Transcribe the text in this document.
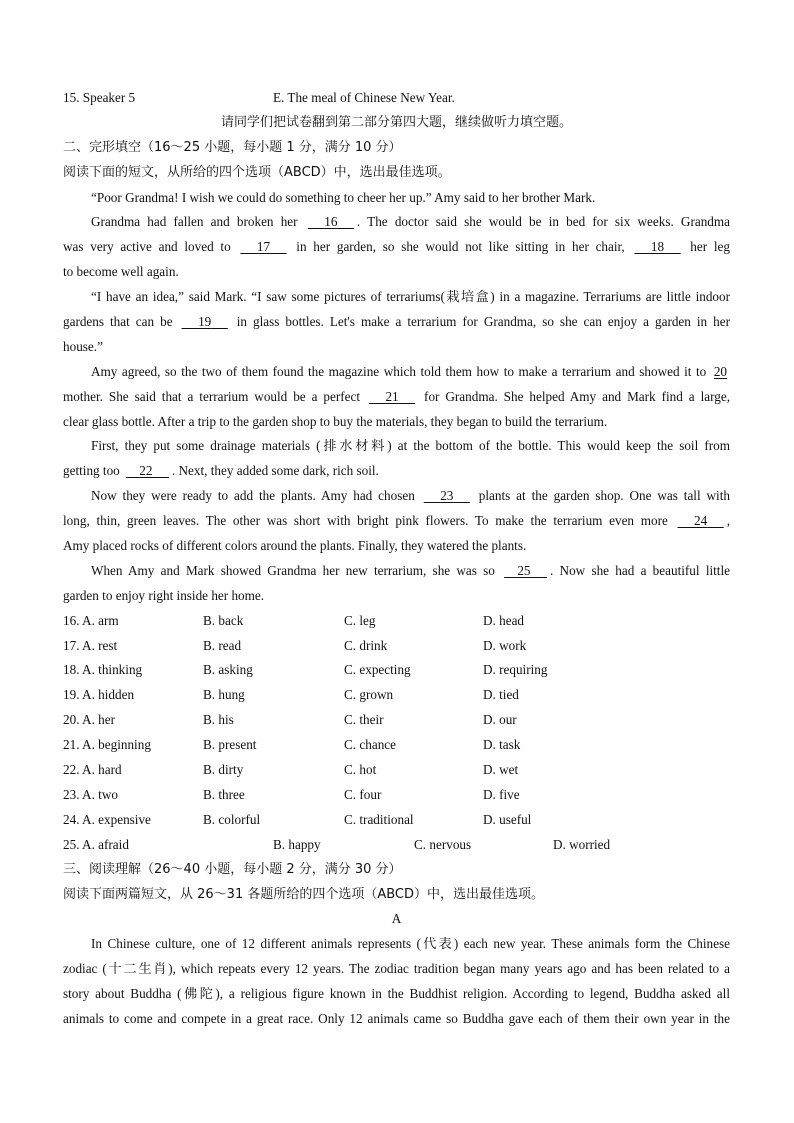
15. Speaker 5	E. The meal of Chinese New Year.
请同学们把试卷翻到第二部分第四大题，继续做听力填空题。
二、完形填空（16～25 小题，每小题 1 分，满分 10 分）
阅读下面的短文，从所给的四个选项（ABCD）中，选出最佳选项。
“Poor Grandma! I wish we could do something to cheer her up.” Amy said to her brother Mark.
Grandma had fallen and broken her      16 . The doctor said she would be in bed for six weeks. Grandma
was very active and loved to      17      in her garden, so she would not like sitting in her chair,      18      her leg
to become well again.
“I have an idea,” said Mark. “I saw some pictures of terrariums(栽培盒) in a magazine. Terrariums are little indoor
gardens that can be      19      in glass bottles. Let's make a terrarium for Grandma, so she can enjoy a garden in her
house.”
Amy agreed, so the two of them found the magazine which told them how to make a terrarium and showed it to 20
mother. She said that a terrarium would be a perfect      21      for Grandma. She helped Amy and Mark find a large,
clear glass bottle. After a trip to the garden shop to buy the materials, they began to build the terrarium.
First, they put some drainage materials (排水材料) at the bottom of the bottle. This would keep the soil from
getting too     22 . Next, they added some dark, rich soil.
Now they were ready to add the plants. Amy had chosen      23      plants at the garden shop. One was tall with
long, thin, green leaves. The other was short with bright pink flowers. To make the terrarium even more      24 ,
Amy placed rocks of different colors around the plants. Finally, they watered the plants.
When Amy and Mark showed Grandma her new terrarium, she was so     25 . Now she had a beautiful little
garden to enjoy right inside her home.
16. A. arm	B. back	C. leg	D. head
17. A. rest	B. read	C. drink	D. work
18. A. thinking	B. asking	C. expecting	D. requiring
19. A. hidden	B. hung	C. grown	D. tied
20. A. her	B. his	C. their	D. our
21. A. beginning	B. present	C. chance	D. task
22. A. hard	B. dirty	C. hot	D. wet
23. A. two	B. three	C. four	D. five
24. A. expensive	B. colorful	C. traditional	D. useful
25. A. afraid	B. happy	C. nervous	D. worried
三、阅读理解（26～40 小题，每小题 2 分，满分 30 分）
阅读下面两篇短文，从 26～31 各题所给的四个选项（ABCD）中，选出最佳选项。
A
In Chinese culture, one of 12 different animals represents (代表) each new year. These animals form the Chinese
zodiac (十二生肖), which repeats every 12 years. The zodiac tradition began many years ago and has been related to a
story about Buddha (佛陀), a religious figure known in the Buddhist religion. According to legend, Buddha asked all
animals to come and compete in a great race. Only 12 animals came so Buddha gave each of them their own year in the
